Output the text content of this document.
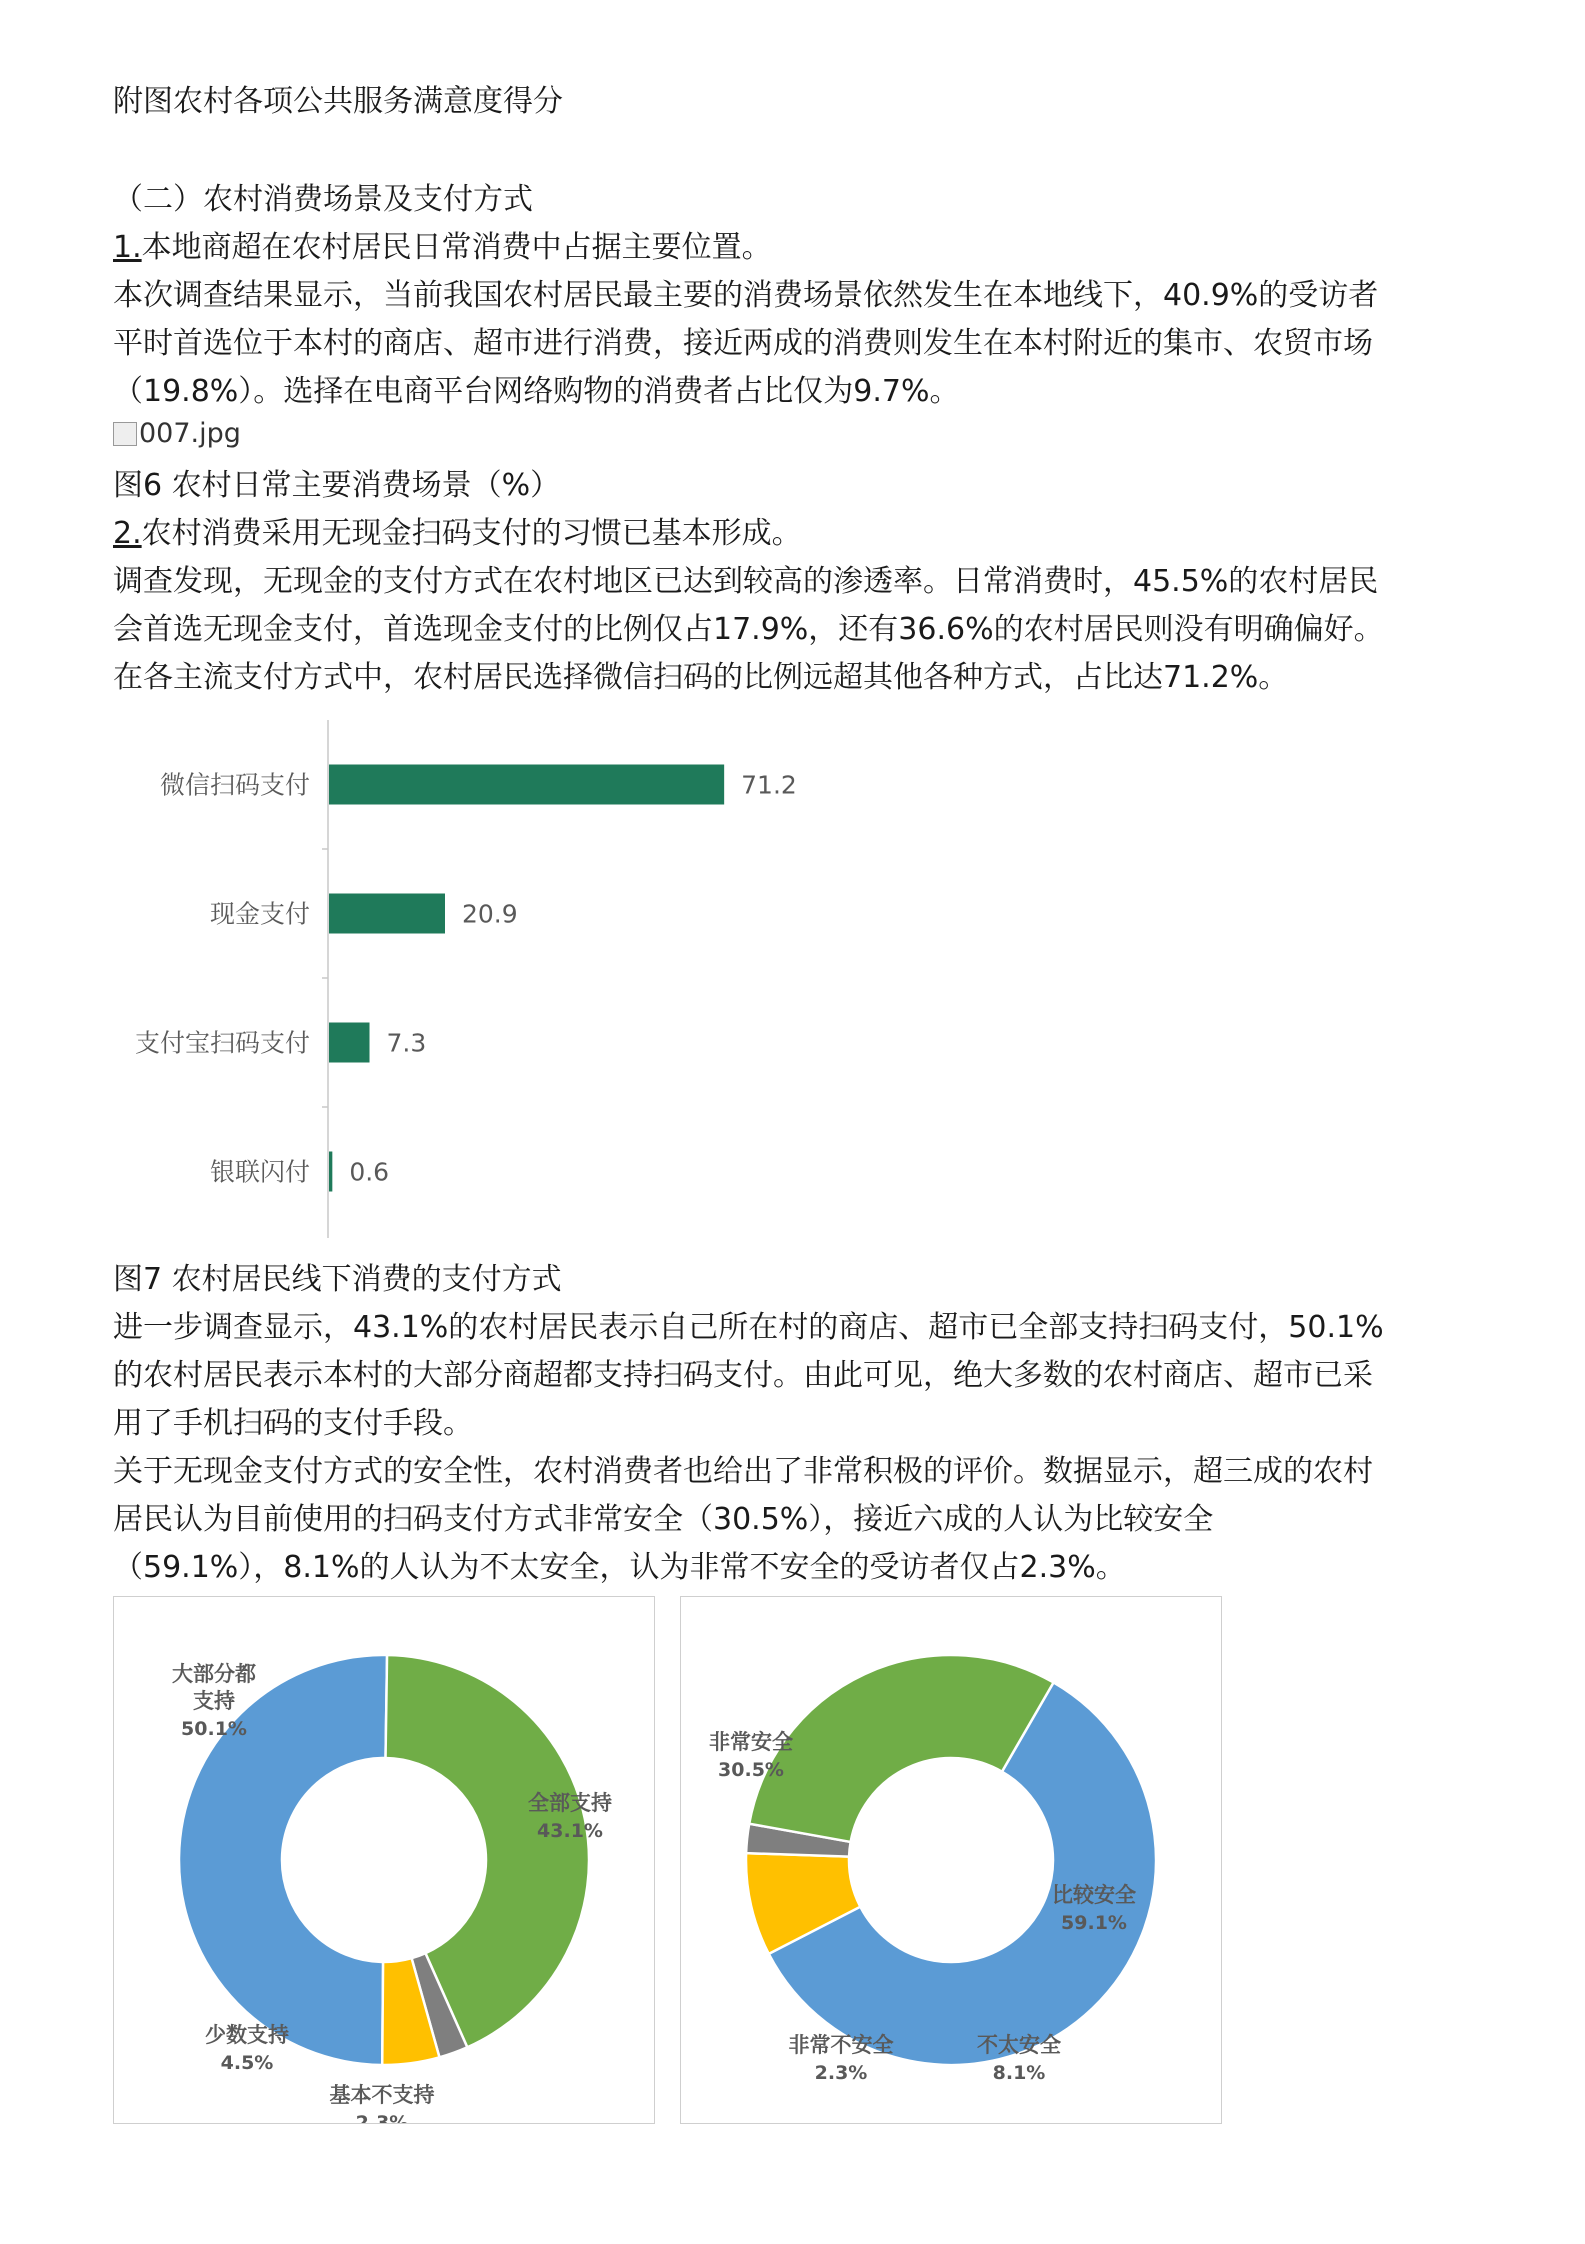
附图农村各项公共服务满意度得分
（二）农村消费场景及支付方式
1.本地商超在农村居民日常消费中占据主要位置。
本次调查结果显示，当前我国农村居民最主要的消费场景依然发生在本地线下，40.9%的受访者
平时首选位于本村的商店、超市进行消费，接近两成的消费则发生在本村附近的集市、农贸市场
（19.8%）。选择在电商平台网络购物的消费者占比仅为9.7%。
007.jpg
图6 农村日常主要消费场景（%）
2.农村消费采用无现金扫码支付的习惯已基本形成。
调查发现，无现金的支付方式在农村地区已达到较高的渗透率。日常消费时，45.5%的农村居民
会首选无现金支付，首选现金支付的比例仅占17.9%，还有36.6%的农村居民则没有明确偏好。
在各主流支付方式中，农村居民选择微信扫码的比例远超其他各种方式，占比达71.2%。
微信扫码支付	71.2
现金支付	20.9
支付宝扫码支付	7.3
银联闪付 0.6
图7 农村居民线下消费的支付方式
进一步调查显示，43.1%的农村居民表示自己所在村的商店、超市已全部支持扫码支付，50.1%
的农村居民表示本村的大部分商超都支持扫码支付。由此可见，绝大多数的农村商店、超市已采
用了手机扫码的支付手段。
关于无现金支付方式的安全性，农村消费者也给出了非常积极的评价。数据显示，超三成的农村
居民认为目前使用的扫码支付方式非常安全（30.5%），接近六成的人认为比较安全
（59.1%），8.1%的人认为不太安全，认为非常不安全的受访者仅占2.3%。
大部分都
支持
50.1%
全部支持
43.1%
基本不支持
2.3%
少数支持
4.5%
比较安全
59.1%
不太安全
8.1%
非常不安全
2.3%
非常安全
30.5%
